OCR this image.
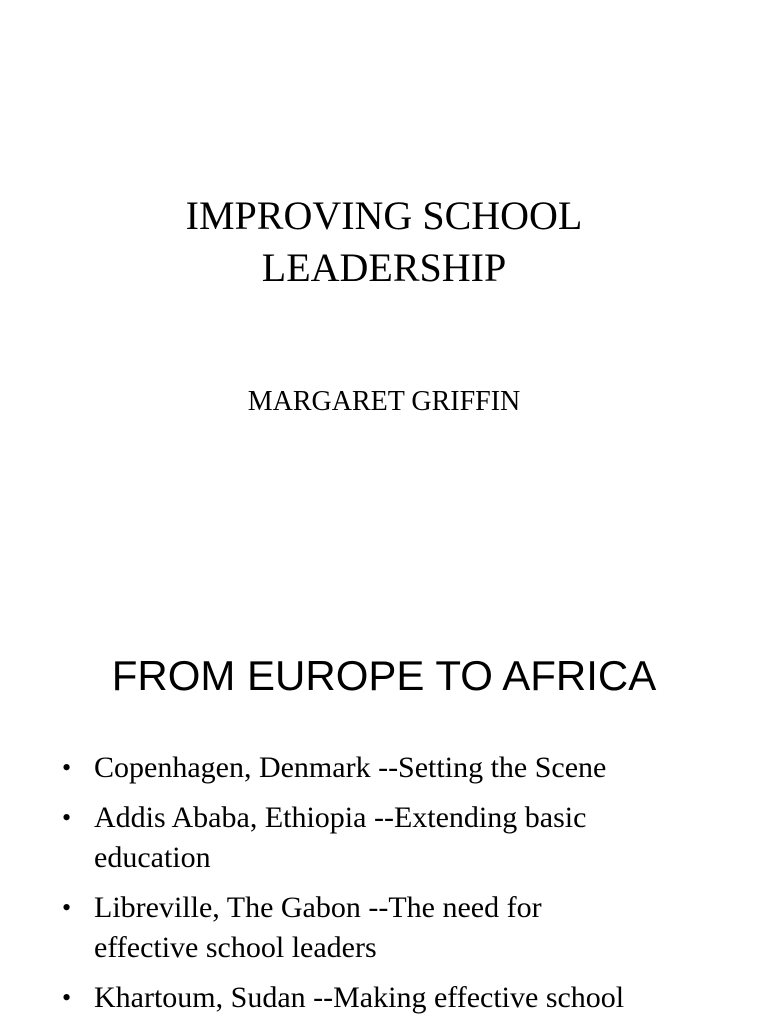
IMPROVING SCHOOL
LEADERSHIP

MARGARET GRIFFIN

FROM EUROPE TO AFRICA
• Copenhagen, Denmark --Setting the Scene
• Addis Ababa, Ethiopia --Extending basic
education
• Libreville, The Gabon --The need for
effective school leaders
• Khartoum, Sudan --Making effective school
